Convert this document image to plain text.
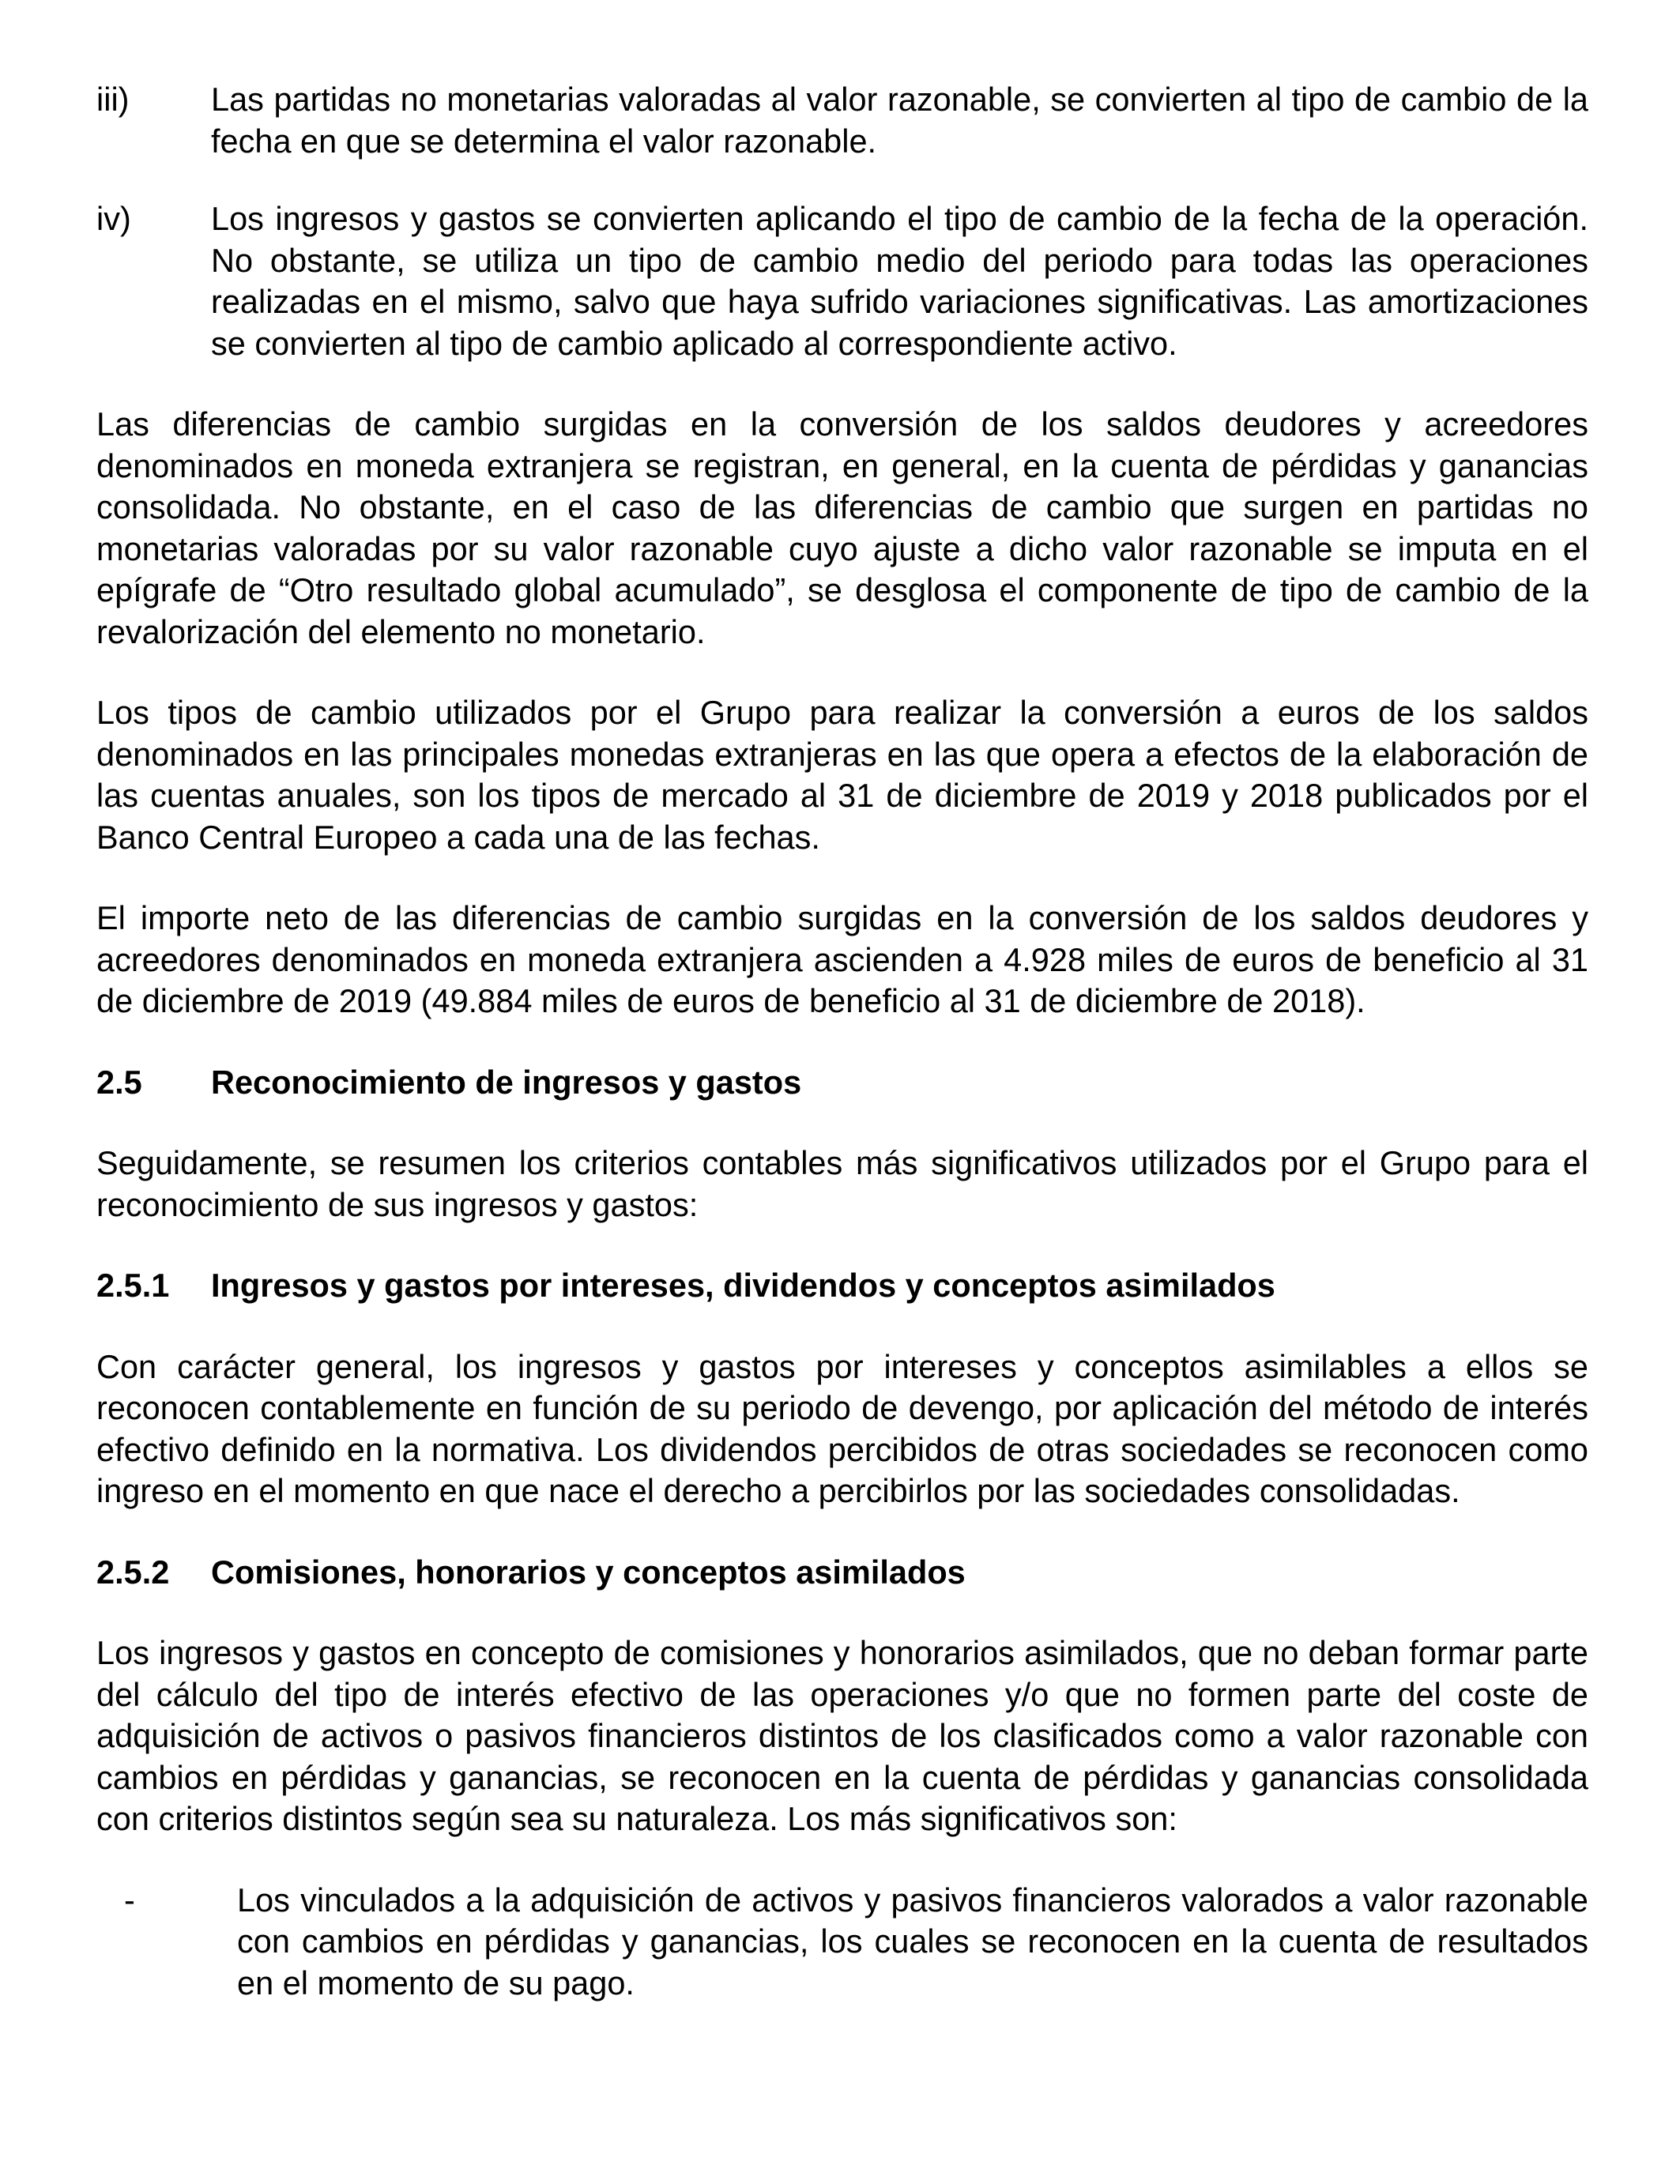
iii) Las partidas no monetarias valoradas al valor razonable, se convierten al tipo de cambio de la fecha en que se determina el valor razonable.
iv) Los ingresos y gastos se convierten aplicando el tipo de cambio de la fecha de la operación. No obstante, se utiliza un tipo de cambio medio del periodo para todas las operaciones realizadas en el mismo, salvo que haya sufrido variaciones significativas. Las amortizaciones se convierten al tipo de cambio aplicado al correspondiente activo.
Las diferencias de cambio surgidas en la conversión de los saldos deudores y acreedores denominados en moneda extranjera se registran, en general, en la cuenta de pérdidas y ganancias consolidada. No obstante, en el caso de las diferencias de cambio que surgen en partidas no monetarias valoradas por su valor razonable cuyo ajuste a dicho valor razonable se imputa en el epígrafe de “Otro resultado global acumulado”, se desglosa el componente de tipo de cambio de la revalorización del elemento no monetario.
Los tipos de cambio utilizados por el Grupo para realizar la conversión a euros de los saldos denominados en las principales monedas extranjeras en las que opera a efectos de la elaboración de las cuentas anuales, son los tipos de mercado al 31 de diciembre de 2019 y 2018 publicados por el Banco Central Europeo a cada una de las fechas.
El importe neto de las diferencias de cambio surgidas en la conversión de los saldos deudores y acreedores denominados en moneda extranjera ascienden a 4.928 miles de euros de beneficio al 31 de diciembre de 2019 (49.884 miles de euros de beneficio al 31 de diciembre de 2018).
2.5 Reconocimiento de ingresos y gastos
Seguidamente, se resumen los criterios contables más significativos utilizados por el Grupo para el reconocimiento de sus ingresos y gastos:
2.5.1 Ingresos y gastos por intereses, dividendos y conceptos asimilados
Con carácter general, los ingresos y gastos por intereses y conceptos asimilables a ellos se reconocen contablemente en función de su periodo de devengo, por aplicación del método de interés efectivo definido en la normativa. Los dividendos percibidos de otras sociedades se reconocen como ingreso en el momento en que nace el derecho a percibirlos por las sociedades consolidadas.
2.5.2 Comisiones, honorarios y conceptos asimilados
Los ingresos y gastos en concepto de comisiones y honorarios asimilados, que no deban formar parte del cálculo del tipo de interés efectivo de las operaciones y/o que no formen parte del coste de adquisición de activos o pasivos financieros distintos de los clasificados como a valor razonable con cambios en pérdidas y ganancias, se reconocen en la cuenta de pérdidas y ganancias consolidada con criterios distintos según sea su naturaleza. Los más significativos son:
-	Los vinculados a la adquisición de activos y pasivos financieros valorados a valor razonable con cambios en pérdidas y ganancias, los cuales se reconocen en la cuenta de resultados en el momento de su pago.
